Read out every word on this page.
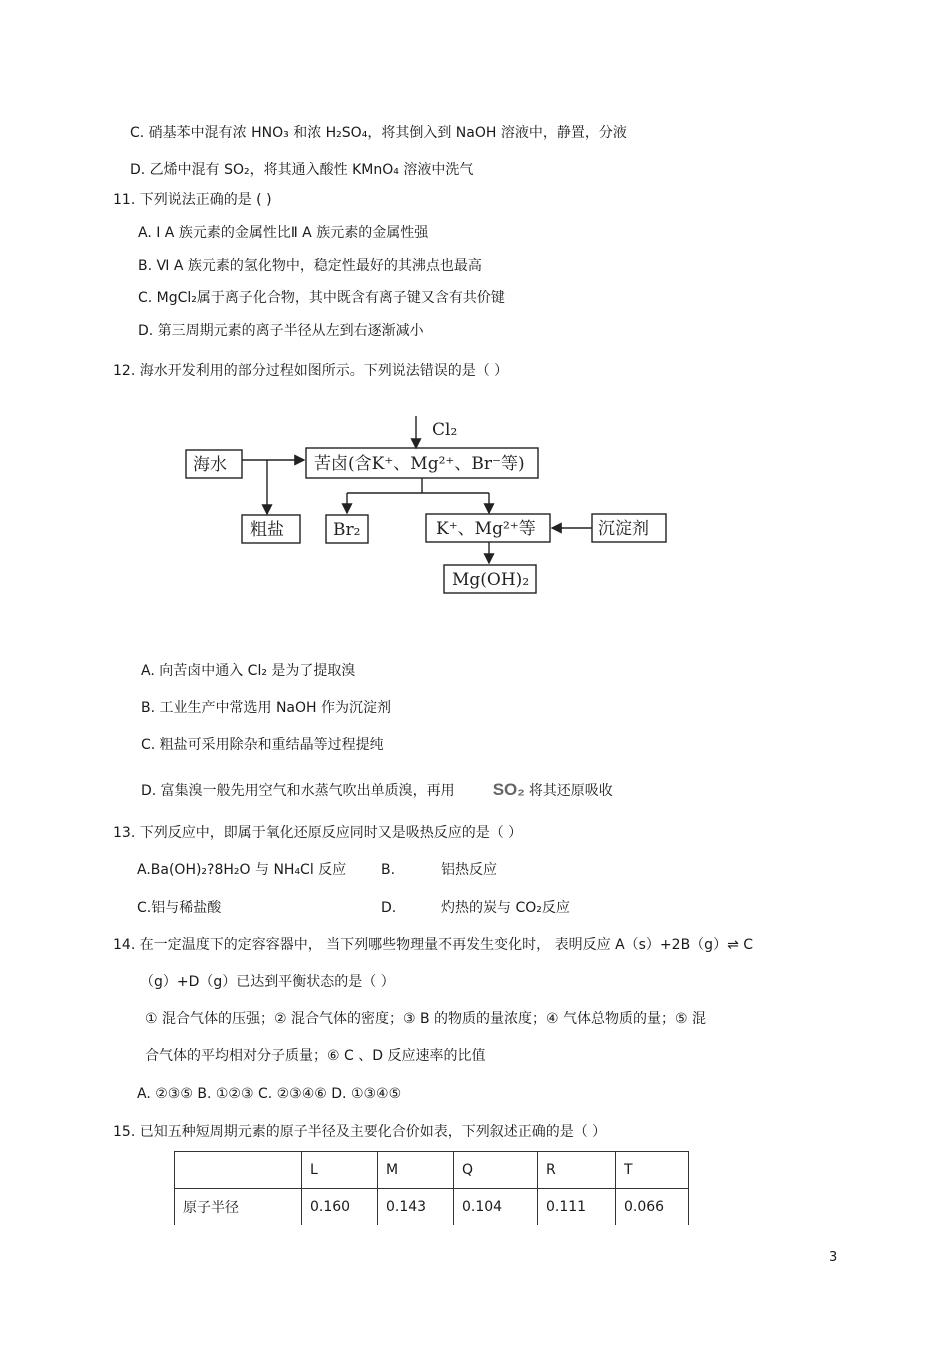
C. 硝基苯中混有浓 HNO₃ 和浓 H₂SO₄，将其倒入到 NaOH 溶液中，静置，分液
D. 乙烯中混有 SO₂，将其通入酸性 KMnO₄ 溶液中洗气
11. 下列说法正确的是 ( )
A. Ⅰ A 族元素的金属性比Ⅱ A 族元素的金属性强
B. Ⅵ A 族元素的氢化物中，稳定性最好的其沸点也最高
C. MgCl₂属于离子化合物，其中既含有离子键又含有共价键
D. 第三周期元素的离子半径从左到右逐渐减小
12. 海水开发利用的部分过程如图所示。下列说法错误的是（ ）
Cl₂
海水	苦卤(含K⁺、Mg²⁺、Br⁻等)
粗盐	Br₂	K⁺、Mg²⁺等	沉淀剂
Mg(OH)₂
A. 向苦卤中通入 Cl₂ 是为了提取溴
B. 工业生产中常选用 NaOH 作为沉淀剂
C. 粗盐可采用除杂和重结晶等过程提纯
D. 富集溴一般先用空气和水蒸气吹出单质溴，再用 SO₂ 将其还原吸收
13. 下列反应中，即属于氧化还原反应同时又是吸热反应的是（ ）
A.Ba(OH)₂?8H₂O 与 NH₄Cl 反应 B.	铝热反应
C.铝与稀盐酸	D.	灼热的炭与 CO₂反应
14. 在一定温度下的定容容器中， 当下列哪些物理量不再发生变化时， 表明反应 A（s）+2B（g）⇌ C
（g）+D（g）已达到平衡状态的是（ ）
① 混合气体的压强；② 混合气体的密度；③ B 的物质的量浓度；④ 气体总物质的量；⑤ 混
合气体的平均相对分子质量；⑥ C 、D 反应速率的比值
A. ②③⑤ B. ①②③ C. ②③④⑥ D. ①③④⑤
15. 已知五种短周期元素的原子半径及主要化合价如表，下列叙述正确的是（ ）
	L	M	Q	R	T
原子半径	0.160	0.143	0.104	0.111	0.066
3
